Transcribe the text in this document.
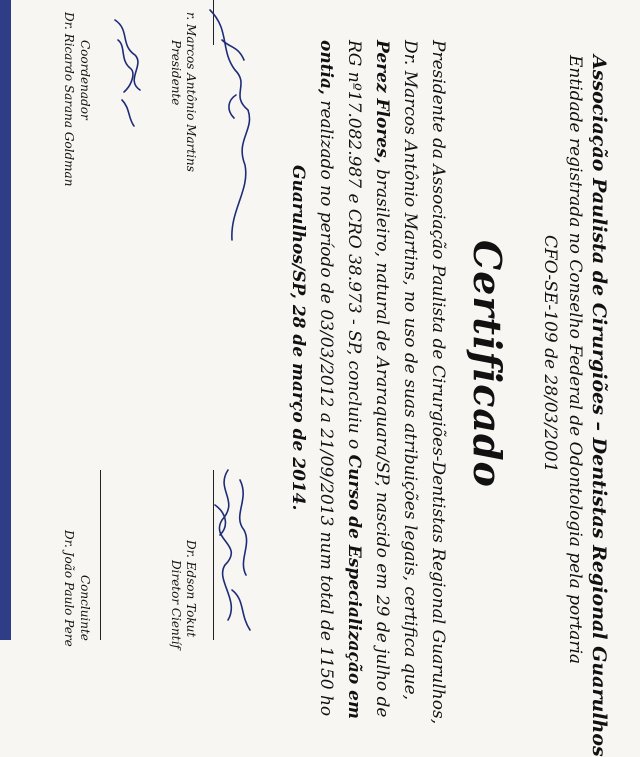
Associação Paulista de Cirurgiões – Dentistas Regional Guarulhos
Entidade registrada no Conselho Federal de Odontologia pela portaria
CFO-SE-109 de 28/03/2001
Certificado
Presidente da Associação Paulista de Cirurgiões-Dentistas Regional Guarulhos,
Dr. Marcos Antônio Martins, no uso de suas atribuições legais, certifica que,
Perez Flores, brasileiro, natural de Araraquara/SP, nascido em 29 de julho de
RG nº17.082.987 e CRO 38.973 - SP, concluiu o Curso de Especialização em
ontia, realizado no período de 03/03/2012 a 21/09/2013 num total de 1150 ho
Guarulhos/SP, 28 de março de 2014.
r. Marcos Antônio Martins
Presidente
Coordenador
Dr. Ricardo Sarana Goldman
Dr. Edson Tokut
Diretor Científ
Concluinte
Dr. João Paulo Pere
